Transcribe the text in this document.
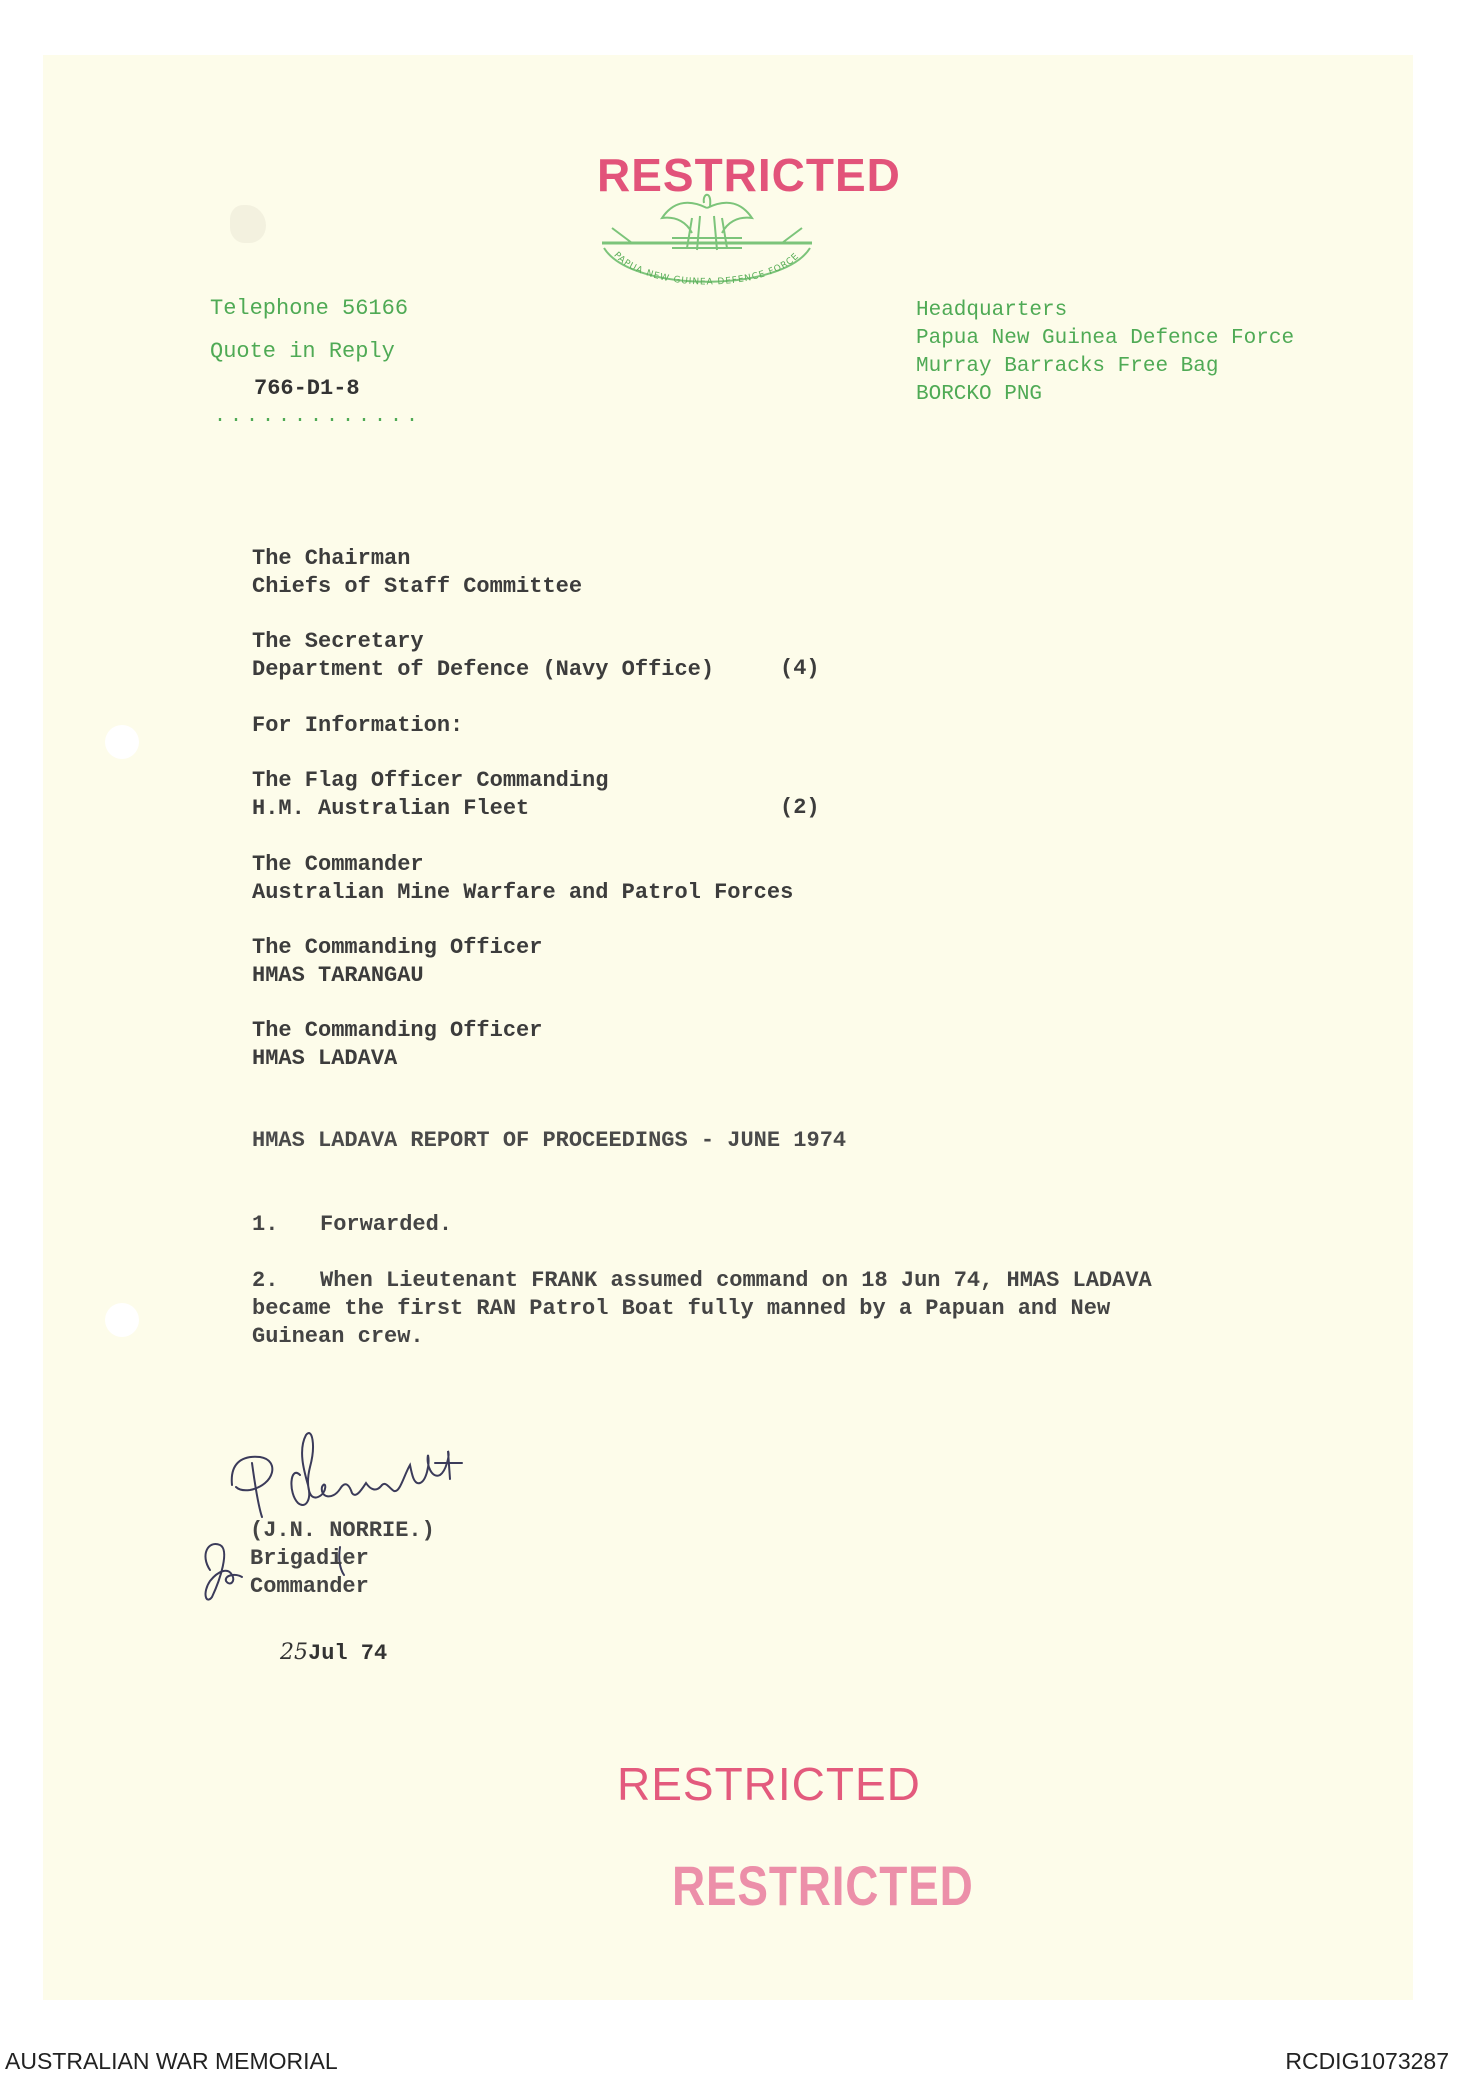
RESTRICTED
PAPUA NEW GUINEA DEFENCE FORCE
Telephone 56166
Quote in Reply
766-D1-8
.............
Headquarters
Papua New Guinea Defence Force
Murray Barracks Free Bag
BORCKO PNG
The Chairman
Chiefs of Staff Committee
The Secretary
Department of Defence (Navy Office)	(4)
For Information:
The Flag Officer Commanding
H.M. Australian Fleet	(2)
The Commander
Australian Mine Warfare and Patrol Forces
The Commanding Officer
HMAS TARANGAU
The Commanding Officer
HMAS LADAVA
HMAS LADAVA REPORT OF PROCEEDINGS - JUNE 1974
1. Forwarded.
2. When Lieutenant FRANK assumed command on 18 Jun 74, HMAS LADAVA
became the first RAN Patrol Boat fully manned by a Papuan and New
Guinean crew.
(J.N. NORRIE.)
Brigadier
Commander
25Jul 74
RESTRICTED
RESTRICTED
AUSTRALIAN WAR MEMORIAL	RCDIG1073287
